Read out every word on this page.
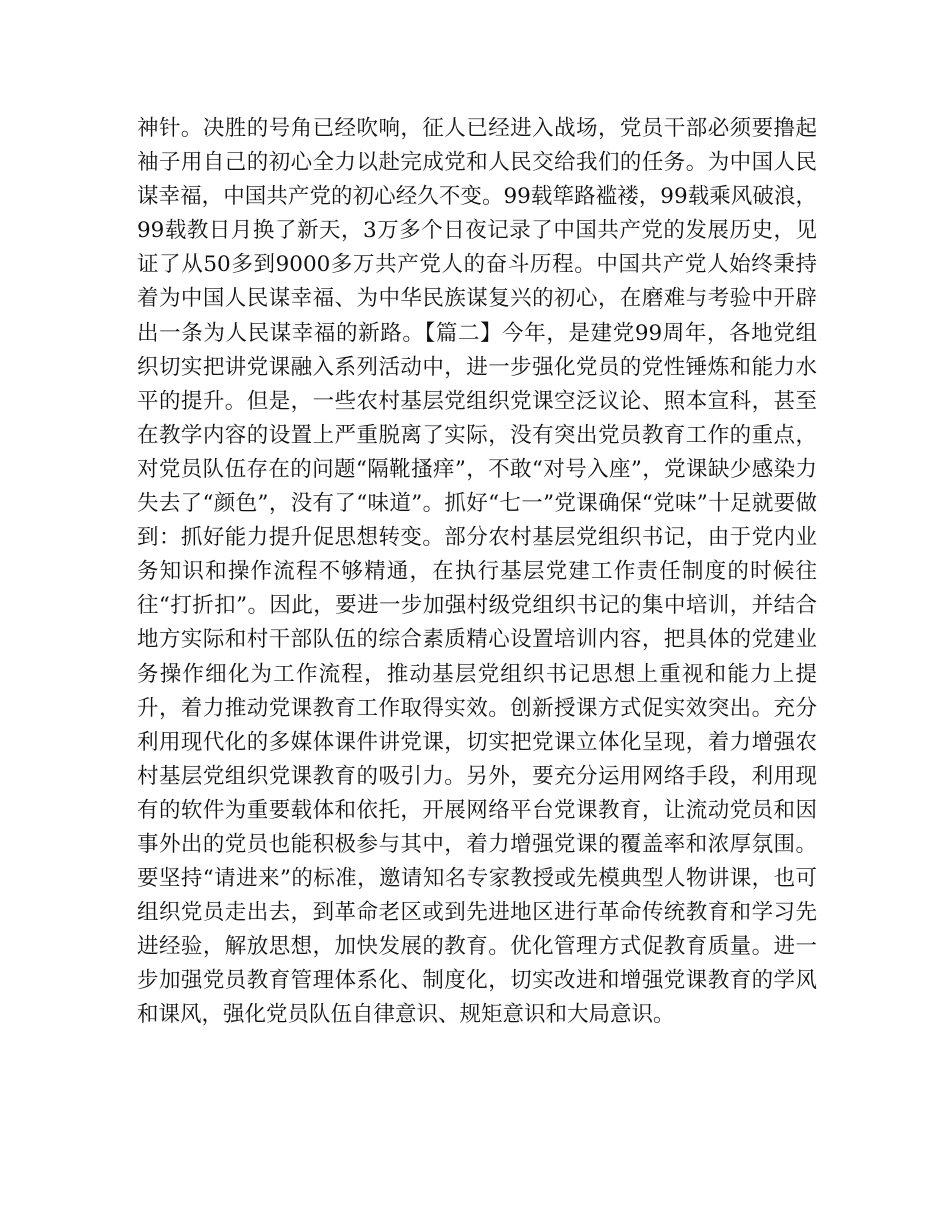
神针。决胜的号角已经吹响，征人已经进入战场，党员干部必须要撸起袖子用自己的初心全力以赴完成党和人民交给我们的任务。为中国人民谋幸福，中国共产党的初心经久不变。99载筚路褴褛，99载乘风破浪，99载教日月换了新天，3万多个日夜记录了中国共产党的发展历史，见证了从50多到9000多万共产党人的奋斗历程。中国共产党人始终秉持着为中国人民谋幸福、为中华民族谋复兴的初心，在磨难与考验中开辟出一条为人民谋幸福的新路。【篇二】今年，是建党99周年，各地党组织切实把讲党课融入系列活动中，进一步强化党员的党性锤炼和能力水平的提升。但是，一些农村基层党组织党课空泛议论、照本宣科，甚至在教学内容的设置上严重脱离了实际，没有突出党员教育工作的重点，对党员队伍存在的问题“隔靴搔痒”，不敢“对号入座”，党课缺少感染力失去了“颜色”，没有了“味道”。抓好“七一”党课确保“党味”十足就要做到：抓好能力提升促思想转变。部分农村基层党组织书记，由于党内业务知识和操作流程不够精通，在执行基层党建工作责任制度的时候往往“打折扣”。因此，要进一步加强村级党组织书记的集中培训，并结合地方实际和村干部队伍的综合素质精心设置培训内容，把具体的党建业务操作细化为工作流程，推动基层党组织书记思想上重视和能力上提升，着力推动党课教育工作取得实效。创新授课方式促实效突出。充分利用现代化的多媒体课件讲党课，切实把党课立体化呈现，着力增强农村基层党组织党课教育的吸引力。另外，要充分运用网络手段，利用现有的软件为重要载体和依托，开展网络平台党课教育，让流动党员和因事外出的党员也能积极参与其中，着力增强党课的覆盖率和浓厚氛围。要坚持“请进来”的标准，邀请知名专家教授或先模典型人物讲课，也可组织党员走出去，到革命老区或到先进地区进行革命传统教育和学习先进经验，解放思想，加快发展的教育。优化管理方式促教育质量。进一步加强党员教育管理体系化、制度化，切实改进和增强党课教育的学风和课风，强化党员队伍自律意识、规矩意识和大局意识。
